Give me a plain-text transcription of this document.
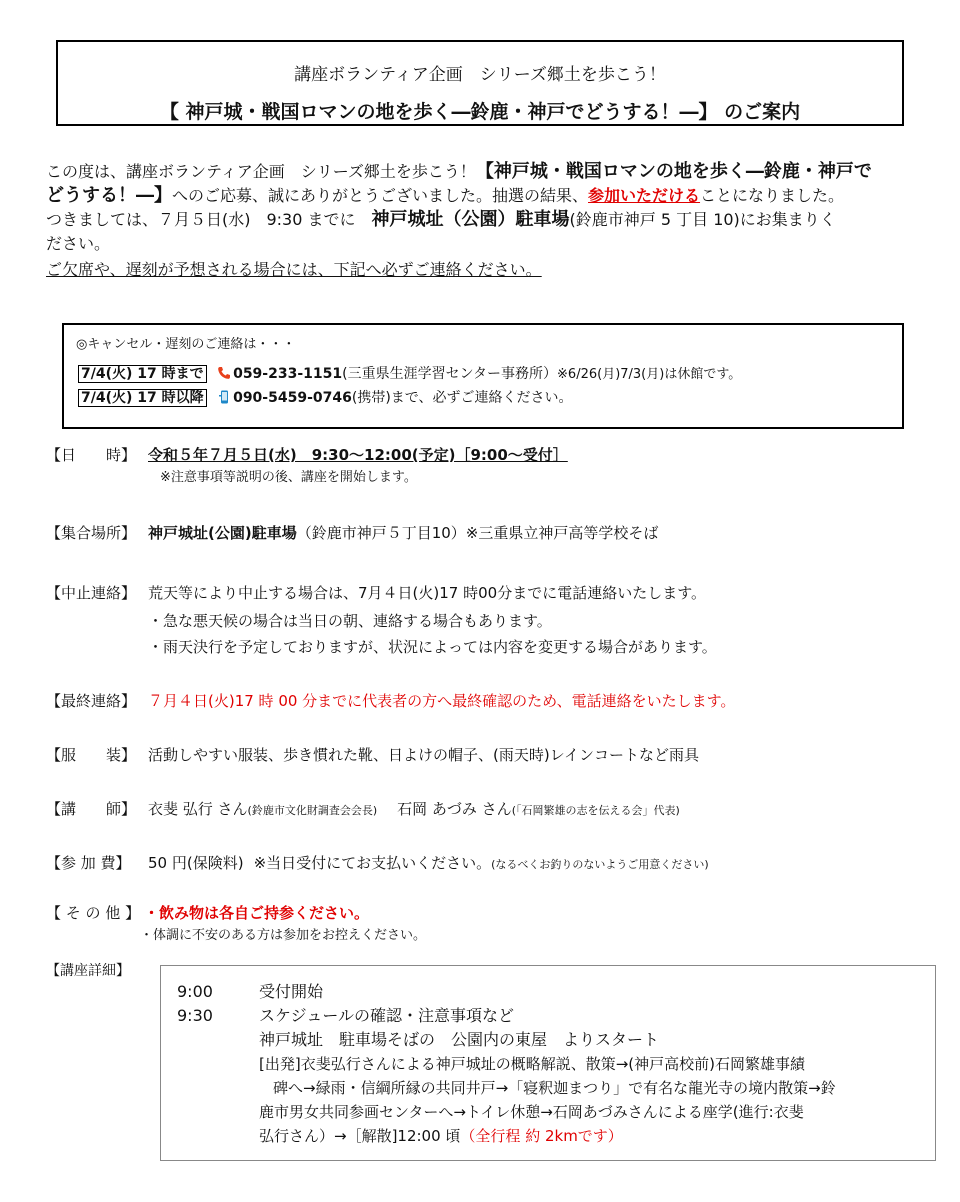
講座ボランティア企画　シリーズ郷土を歩こう！
【 神戸城・戦国ロマンの地を歩く―鈴鹿・神戸でどうする！―】 のご案内
この度は、講座ボランティア企画　シリーズ郷土を歩こう！【神戸城・戦国ロマンの地を歩く―鈴鹿・神戸で
どうする！―】へのご応募、誠にありがとうございました。抽選の結果、参加いただけることになりました。
つきましては、７月５日(水)　9:30 までに　神戸城址（公園）駐車場(鈴鹿市神戸 5 丁目 10)にお集まりく
ださい。
ご欠席や、遅刻が予想される場合には、下記へ必ずご連絡ください。
◎キャンセル・遅刻のご連絡は・・・
7/4(火) 17 時まで 059-233-1151(三重県生涯学習センター事務所）※6/26(月)7/3(月)は休館です。
7/4(火) 17 時以降 090-5459-0746(携帯)まで、必ずご連絡ください。
【日　　時】 令和５年７月５日(水)　9:30～12:00(予定)［9:00～受付］
※注意事項等説明の後、講座を開始します。
【集合場所】 神戸城址(公園)駐車場（鈴鹿市神戸５丁目10）※三重県立神戸高等学校そば
【中止連絡】 荒天等により中止する場合は、7月４日(火)17 時00分までに電話連絡いたします。
・急な悪天候の場合は当日の朝、連絡する場合もあります。
・雨天決行を予定しておりますが、状況によっては内容を変更する場合があります。
【最終連絡】 ７月４日(火)17 時 00 分までに代表者の方へ最終確認のため、電話連絡をいたします。
【服　　装】 活動しやすい服装、歩き慣れた靴、日よけの帽子、(雨天時)レインコートなど雨具
【講　　師】 衣斐 弘行 さん(鈴鹿市文化財調査会会長) 石岡 あづみ さん(「石岡繁雄の志を伝える会」代表)
【参 加 費】 50 円(保険料) ※当日受付にてお支払いください。(なるべくお釣りのないようご用意ください)
【 そ の 他 】 ・飲み物は各自ご持参ください。
・体調に不安のある方は参加をお控えください。
【講座詳細】
9:00	受付開始
9:30	スケジュールの確認・注意事項など
神戸城址　駐車場そばの　公園内の東屋　よりスタート
[出発]衣斐弘行さんによる神戸城址の概略解説、散策→(神戸高校前)石岡繁雄事績
碑へ→緑雨・信綱所縁の共同井戸→「寝釈迦まつり」で有名な龍光寺の境内散策→鈴
鹿市男女共同参画センターへ→トイレ休憩→石岡あづみさんによる座学(進行:衣斐
弘行さん）→［解散]12:00 頃（全行程 約 2kmです）
